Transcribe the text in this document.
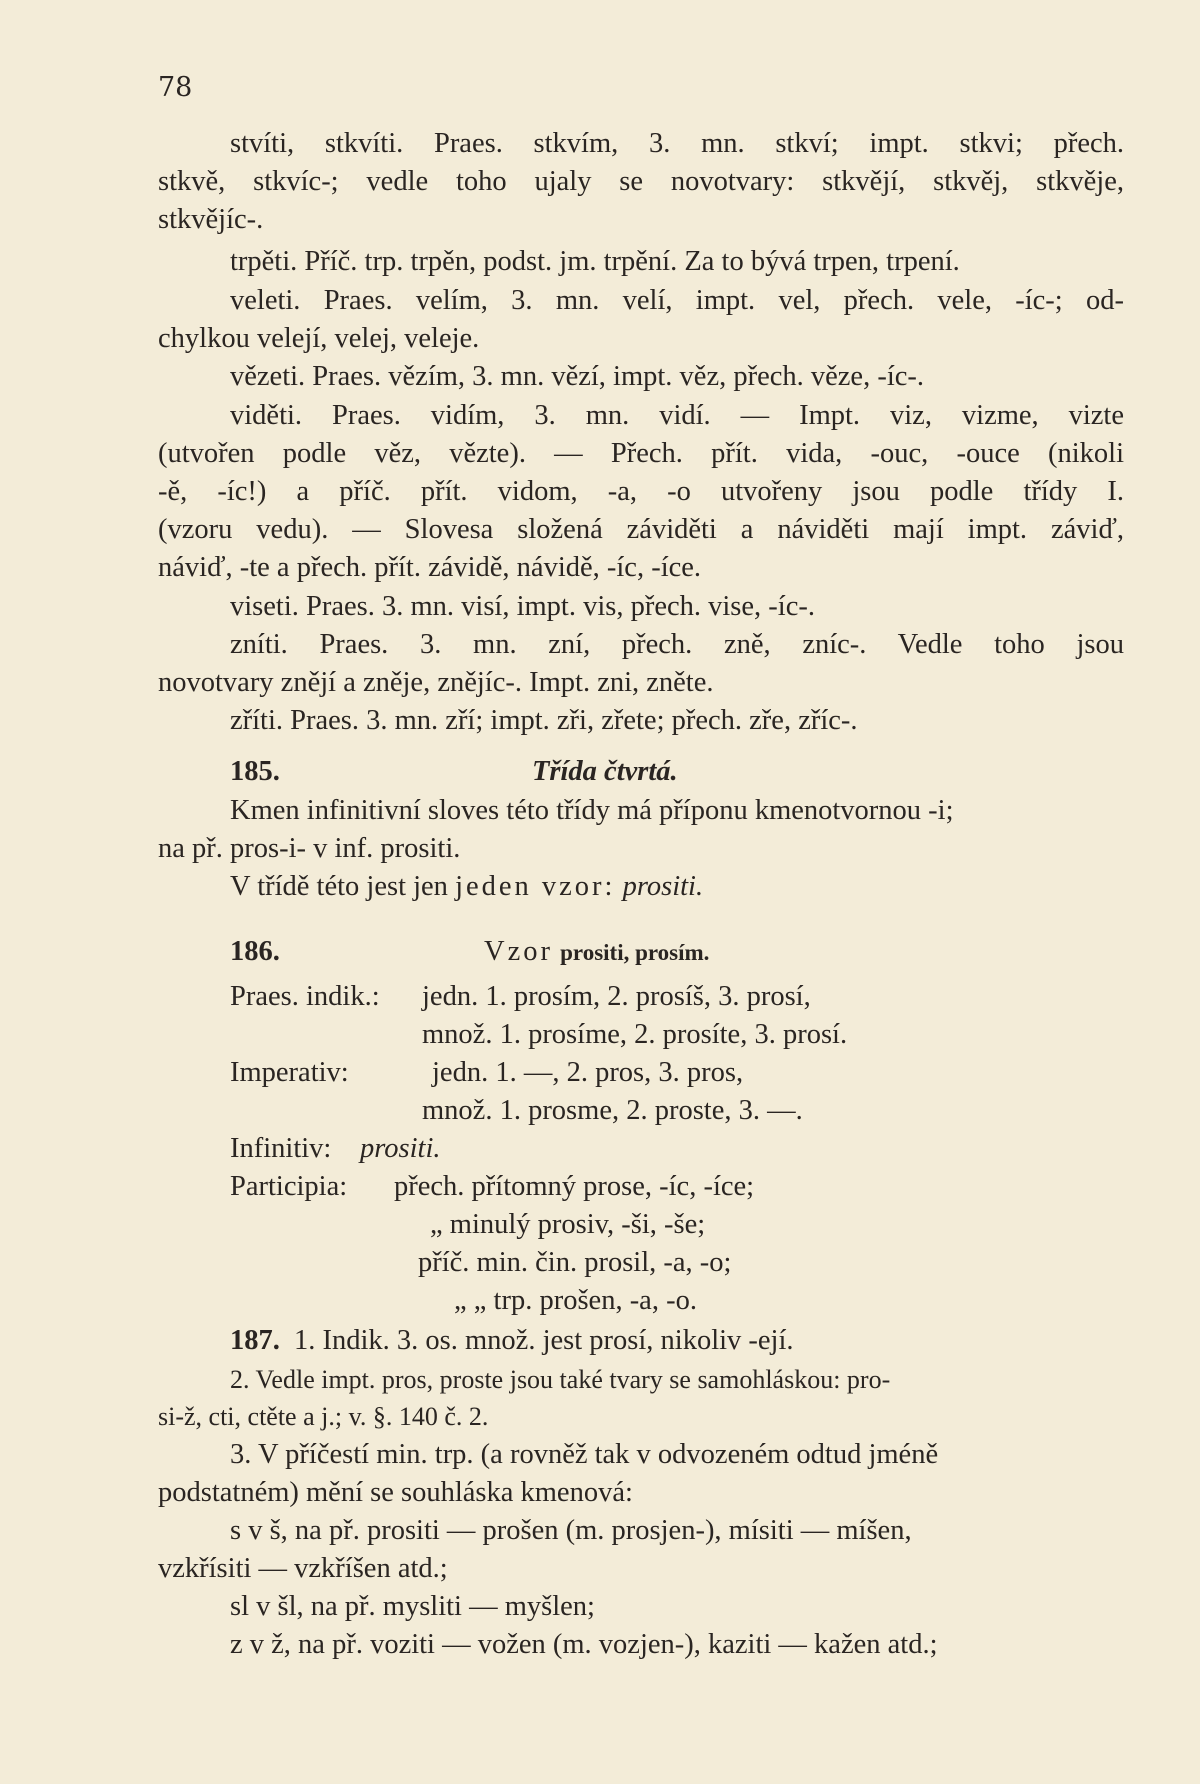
78
stvíti, stkvíti. Praes. stkvím, 3. mn. stkví; impt. stkvi; přech.
stkvě, stkvíc-; vedle toho ujaly se novotvary: stkvějí, stkvěj, stkvěje,
stkvějíc-.
trpěti. Příč. trp. trpěn, podst. jm. trpění. Za to bývá trpen, trpení.
veleti. Praes. velím, 3. mn. velí, impt. vel, přech. vele, -íc-; od-
chylkou velejí, velej, veleje.
vězeti. Praes. vězím, 3. mn. vězí, impt. věz, přech. věze, -íc-.
viděti. Praes. vidím, 3. mn. vidí. — Impt. viz, vizme, vizte
(utvořen podle věz, vězte). — Přech. přít. vida, -ouc, -ouce (nikoli
-ě, -íc!) a příč. přít. vidom, -a, -o utvořeny jsou podle třídy I.
(vzoru vedu). — Slovesa složená záviděti a náviděti mají impt. záviď,
náviď, -te a přech. přít. závidě, návidě, -íc, -íce.
viseti. Praes. 3. mn. visí, impt. vis, přech. vise, -íc-.
zníti. Praes. 3. mn. zní, přech. zně, zníc-. Vedle toho jsou
novotvary znějí a zněje, znějíc-. Impt. zni, zněte.
zříti. Praes. 3. mn. zří; impt. zři, zřete; přech. zře, zříc-.
185.	Třída čtvrtá.
Kmen infinitivní sloves této třídy má příponu kmenotvornou -i;
na př. pros-i- v inf. prositi.
V třídě této jest jen jeden vzor: prositi.
186.	Vzor prositi, prosím.
Praes. indik.: jedn. 1. prosím, 2. prosíš, 3. prosí,
množ. 1. prosíme, 2. prosíte, 3. prosí.
Imperativ:	jedn. 1. —, 2. pros, 3. pros,
množ. 1. prosme, 2. proste, 3. —.
Infinitiv: prositi.
Participia: přech. přítomný prose, -íc, -íce;
„ minulý prosiv, -ši, -še;
příč. min. čin. prosil, -a, -o;
„ „ trp. prošen, -a, -o.
187. 1. Indik. 3. os. množ. jest prosí, nikoliv -ejí.
2. Vedle impt. pros, proste jsou také tvary se samohláskou: pro-
si-ž, cti, ctěte a j.; v. §. 140 č. 2.
3. V příčestí min. trp. (a rovněž tak v odvozeném odtud jméně
podstatném) mění se souhláska kmenová:
s v š, na př. prositi — prošen (m. prosjen-), mísiti — míšen,
vzkřísiti — vzkříšen atd.;
sl v šl, na př. mysliti — myšlen;
z v ž, na př. voziti — vožen (m. vozjen-), kaziti — kažen atd.;
